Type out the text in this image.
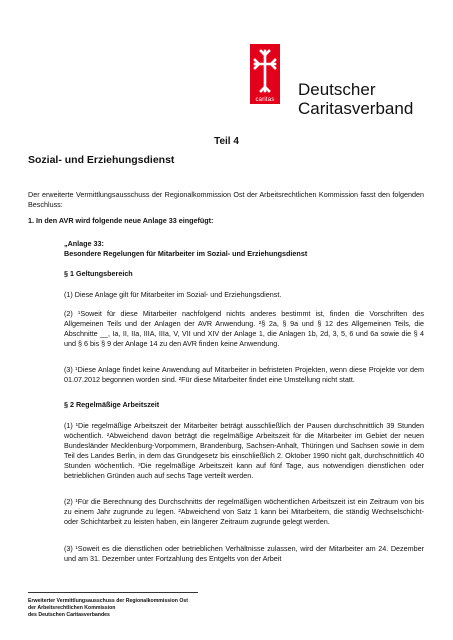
caritas
Deutscher
Caritasverband
Teil 4
Sozial- und Erziehungsdienst
Der erweiterte Vermittlungsausschuss der Regionalkommission Ost der Arbeitsrechtlichen Kommission fasst den folgenden Beschluss:
1. In den AVR wird folgende neue Anlage 33 eingefügt:
„Anlage 33:
Besondere Regelungen für Mitarbeiter im Sozial- und Erziehungsdienst
§ 1 Geltungsbereich
(1) Diese Anlage gilt für Mitarbeiter im Sozial- und Erziehungsdienst.
(2) ¹Soweit für diese Mitarbeiter nachfolgend nichts anderes bestimmt ist, finden die Vorschriften des Allgemeinen Teils und der Anlagen der AVR Anwendung. ²§ 2a, § 9a und § 12 des Allgemeinen Teils, die Abschnitte __, Ia, II, IIa, IIIA, IIIa, V, VII und XIV der Anlage 1, die Anlagen 1b, 2d, 3, 5, 6 und 6a sowie die § 4 und § 6 bis § 9 der Anlage 14 zu den AVR finden keine Anwendung.
(3) ¹Diese Anlage findet keine Anwendung auf Mitarbeiter in befristeten Projekten, wenn diese Projekte vor dem 01.07.2012 begonnen worden sind. ²Für diese Mitarbeiter findet eine Umstellung nicht statt.
§ 2 Regelmäßige Arbeitszeit
(1) ¹Die regelmäßige Arbeitszeit der Mitarbeiter beträgt ausschließlich der Pausen durchschnittlich 39 Stunden wöchentlich. ²Abweichend davon beträgt die regelmäßige Arbeitszeit für die Mitarbeiter im Gebiet der neuen Bundesländer Mecklenburg-Vorpommern, Brandenburg, Sachsen-Anhalt, Thüringen und Sachsen sowie in dem Teil des Landes Berlin, in dem das Grundgesetz bis einschließlich 2. Oktober 1990 nicht galt, durchschnittlich 40 Stunden wöchentlich. ³Die regelmäßige Arbeitszeit kann auf fünf Tage, aus notwendigen dienstlichen oder betrieblichen Gründen auch auf sechs Tage verteilt werden.
(2) ¹Für die Berechnung des Durchschnitts der regelmäßigen wöchentlichen Arbeitszeit ist ein Zeitraum von bis zu einem Jahr zugrunde zu legen. ²Abweichend von Satz 1 kann bei Mitarbeitern, die ständig Wechselschicht- oder Schichtarbeit zu leisten haben, ein längerer Zeitraum zugrunde gelegt werden.
(3) ¹Soweit es die dienstlichen oder betrieblichen Verhältnisse zulassen, wird der Mitarbeiter am 24. Dezember und am 31. Dezember unter Fortzahlung des Entgelts von der Arbeit
Erweiterter Vermittlungsausschuss der Regionalkommission Ost
der Arbeitsrechtlichen Kommission
des Deutschen Caritasverbandes
